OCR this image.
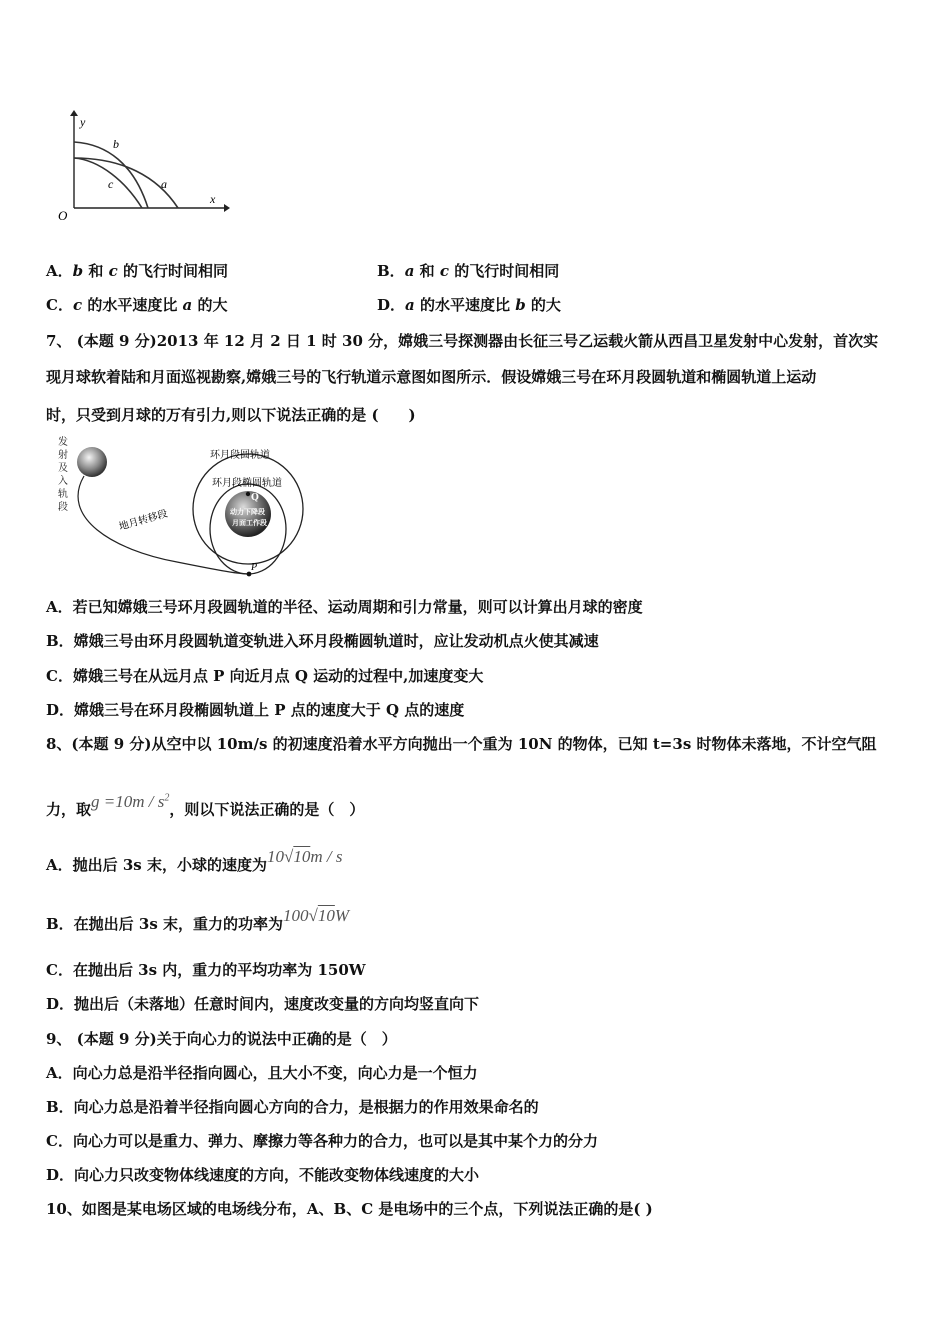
y
x
O
b
c	a
A．b 和 c 的飞行时间相同	B．a 和 c 的飞行时间相同
C．c 的水平速度比 a 的大	D．a 的水平速度比 b 的大
7、 (本题 9 分)2013 年 12 月 2 日 1 时 30 分，嫦娥三号探测器由长征三号乙运载火箭从西昌卫星发射中心发射，首次实
现月球软着陆和月面巡视勘察,嫦娥三号的飞行轨道示意图如图所示．假设嫦娥三号在环月段圆轨道和椭圆轨道上运动
时，只受到月球的万有引力,则以下说法正确的是 (　　)
发
射
及
入
轨
段
地月转移段
环月段圆轨道
环月段椭圆轨道
Q
动力下降段
月面工作段
P
A．若已知嫦娥三号环月段圆轨道的半径、运动周期和引力常量，则可以计算出月球的密度
B．嫦娥三号由环月段圆轨道变轨进入环月段椭圆轨道时，应让发动机点火使其减速
C．嫦娥三号在从远月点 P 向近月点 Q 运动的过程中,加速度变大
D．嫦娥三号在环月段椭圆轨道上 P 点的速度大于 Q 点的速度
8、(本题 9 分)从空中以 10m/s 的初速度沿着水平方向抛出一个重为 10N 的物体，已知 t=3s 时物体未落地，不计空气阻
力，取$g =10m / s^2$，则以下说法正确的是（　）
A．抛出后 3s 末，小球的速度为10√10m / s
B．在抛出后 3s 末，重力的功率为100√10W
C．在抛出后 3s 内，重力的平均功率为 150W
D．抛出后（未落地）任意时间内，速度改变量的方向均竖直向下
9、 (本题 9 分)关于向心力的说法中正确的是（　）
A．向心力总是沿半径指向圆心，且大小不变，向心力是一个恒力
B．向心力总是沿着半径指向圆心方向的合力，是根据力的作用效果命名的
C．向心力可以是重力、弹力、摩擦力等各种力的合力，也可以是其中某个力的分力
D．向心力只改变物体线速度的方向，不能改变物体线速度的大小
10、如图是某电场区域的电场线分布，A、B、C 是电场中的三个点，下列说法正确的是( )
